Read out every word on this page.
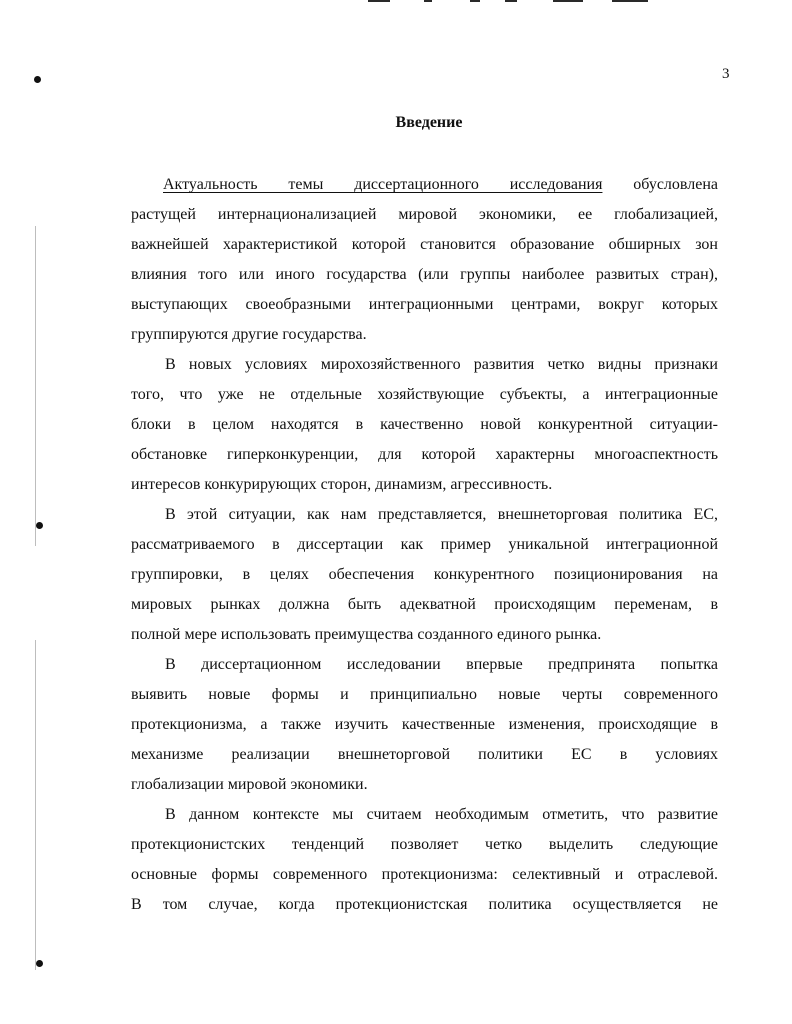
3
Введение
Актуальность темы диссертационного исследования обусловлена
растущей интернационализацией мировой экономики, ее глобализацией,
важнейшей характеристикой которой становится образование обширных зон
влияния того или иного государства (или группы наиболее развитых стран),
выступающих своеобразными интеграционными центрами, вокруг которых
группируются другие государства.
В новых условиях мирохозяйственного развития четко видны признаки
того, что уже не отдельные хозяйствующие субъекты, а интеграционные
блоки в целом находятся в качественно новой конкурентной ситуации-
обстановке гиперконкуренции, для которой характерны многоаспектность
интересов конкурирующих сторон, динамизм, агрессивность.
В этой ситуации, как нам представляется, внешнеторговая политика ЕС,
рассматриваемого в диссертации как пример уникальной интеграционной
группировки, в целях обеспечения конкурентного позиционирования на
мировых рынках должна быть адекватной происходящим переменам, в
полной мере использовать преимущества созданного единого рынка.
В диссертационном исследовании впервые предпринята попытка
выявить новые формы и принципиально новые черты современного
протекционизма, а также изучить качественные изменения, происходящие в
механизме реализации внешнеторговой политики ЕС в условиях
глобализации мировой экономики.
В данном контексте мы считаем необходимым отметить, что развитие
протекционистских тенденций позволяет четко выделить следующие
основные формы современного протекционизма: селективный и отраслевой.
В том случае, когда протекционистская политика осуществляется не
